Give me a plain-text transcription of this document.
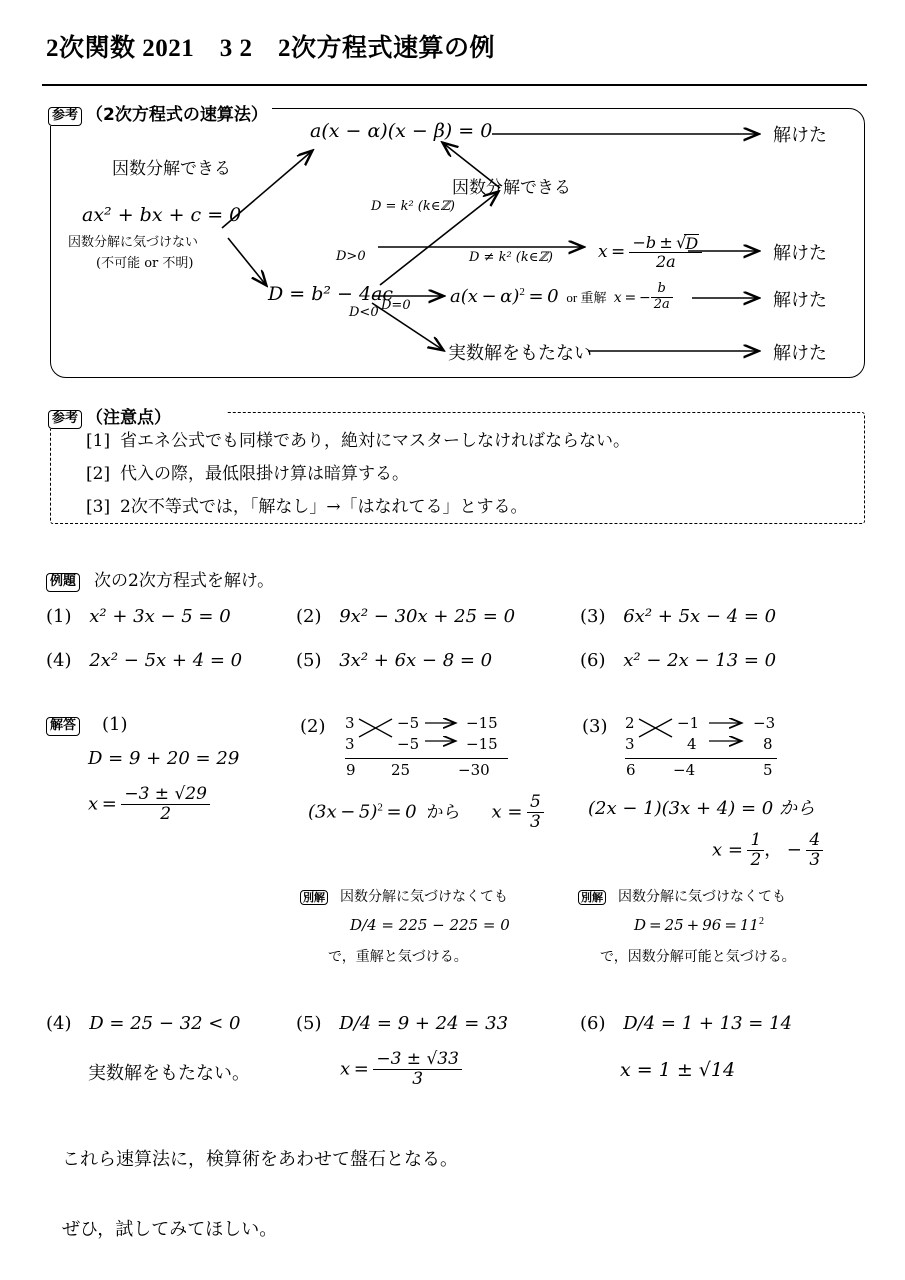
2次関数 2021　3 2　2次方程式速算の例
参考 （2次方程式の速算法）
a(x − α)(x − β) = 0
因数分解できる
因数分解できる
ax² + bx + c = 0
因数分解に気づけない
(不可能 or 不明)
D = k² (k∈ℤ)
D ≠ k² (k∈ℤ)
D>0
D=0
D<0
D = b² − 4ac
$x = \frac{-b \pm √D}{2a}$
$a(x - \alpha)^2 = 0$  or 重解  x = − $\frac{b}{2a}$
実数解をもたない
解けた
解けた
解けた
解けた
参考 （注意点）
[1] 省エネ公式でも同様であり，絶対にマスターしなければならない。
[2] 代入の際，最低限掛け算は暗算する。
[3] 2次不等式では，「解なし」→「はなれてる」とする。
例題 次の2次方程式を解け。
(1) x² + 3x − 5 = 0	(2) 9x² − 30x + 25 = 0	(3) 6x² + 5x − 4 = 0
(4) 2x² − 5x + 4 = 0	(5) 3x² + 6x − 8 = 0	(6) x² − 2x − 13 = 0
解答 (1)
D = 9 + 20 = 29
$x = \frac{-3 \pm √29}{2}$
(2) 3	−5	−15
3	−5	−15
9 25	−30
$(3x - 5)^2 = 0$  から $x = \frac{5}{3}$
別解 因数分解に気づけなくても
D/4 = 225 − 225 = 0
で，重解と気づける。
(3) 2	−1	−3
3	4	8
6 −4	5
(2x − 1)(3x + 4) = 0 から
$x = \frac{1}{2}$ ， − $\frac{4}{3}$
別解 因数分解に気づけなくても
$D = 25 + 96 = 11^2$
で，因数分解可能と気づける。
(4) D = 25 − 32 < 0
実数解をもたない。
(5) D/4 = 9 + 24 = 33
$x = \frac{-3 \pm √33}{3}$
(6) D/4 = 1 + 13 = 14
x = 1 ± √14
これら速算法に，検算術をあわせて盤石となる。
ぜひ，試してみてほしい。
